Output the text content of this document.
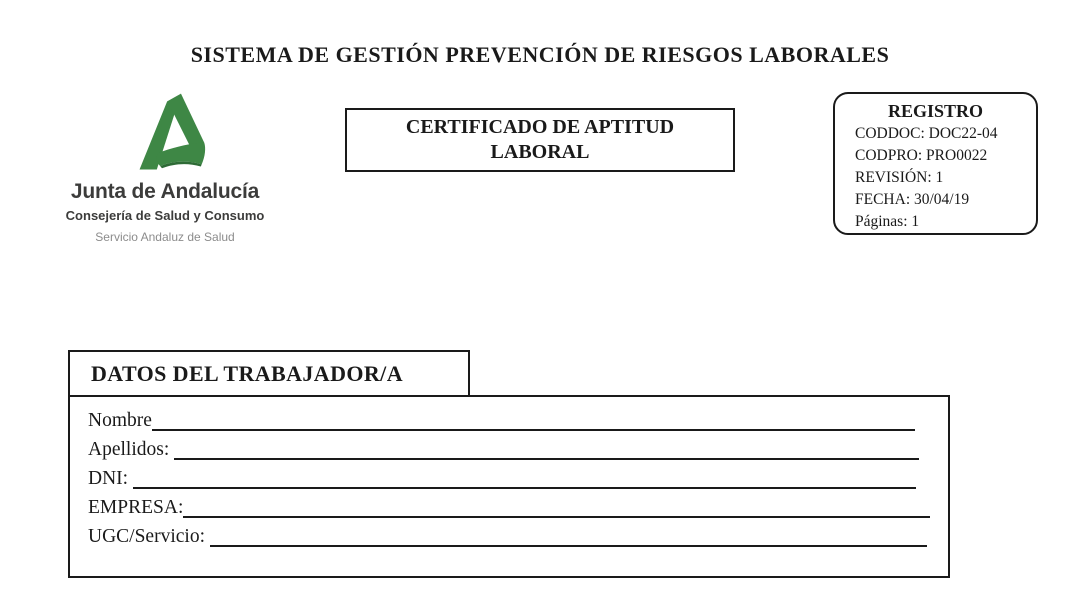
SISTEMA DE GESTIÓN PREVENCIÓN DE RIESGOS LABORALES
Junta de Andalucía
Consejería de Salud y Consumo
Servicio Andaluz de Salud
CERTIFICADO DE APTITUD LABORAL
REGISTRO
CODDOC: DOC22-04
CODPRO: PRO0022
REVISIÓN: 1
FECHA: 30/04/19
Páginas: 1
DATOS DEL TRABAJADOR/A
Nombre
Apellidos:
DNI:
EMPRESA:
UGC/Servicio:
